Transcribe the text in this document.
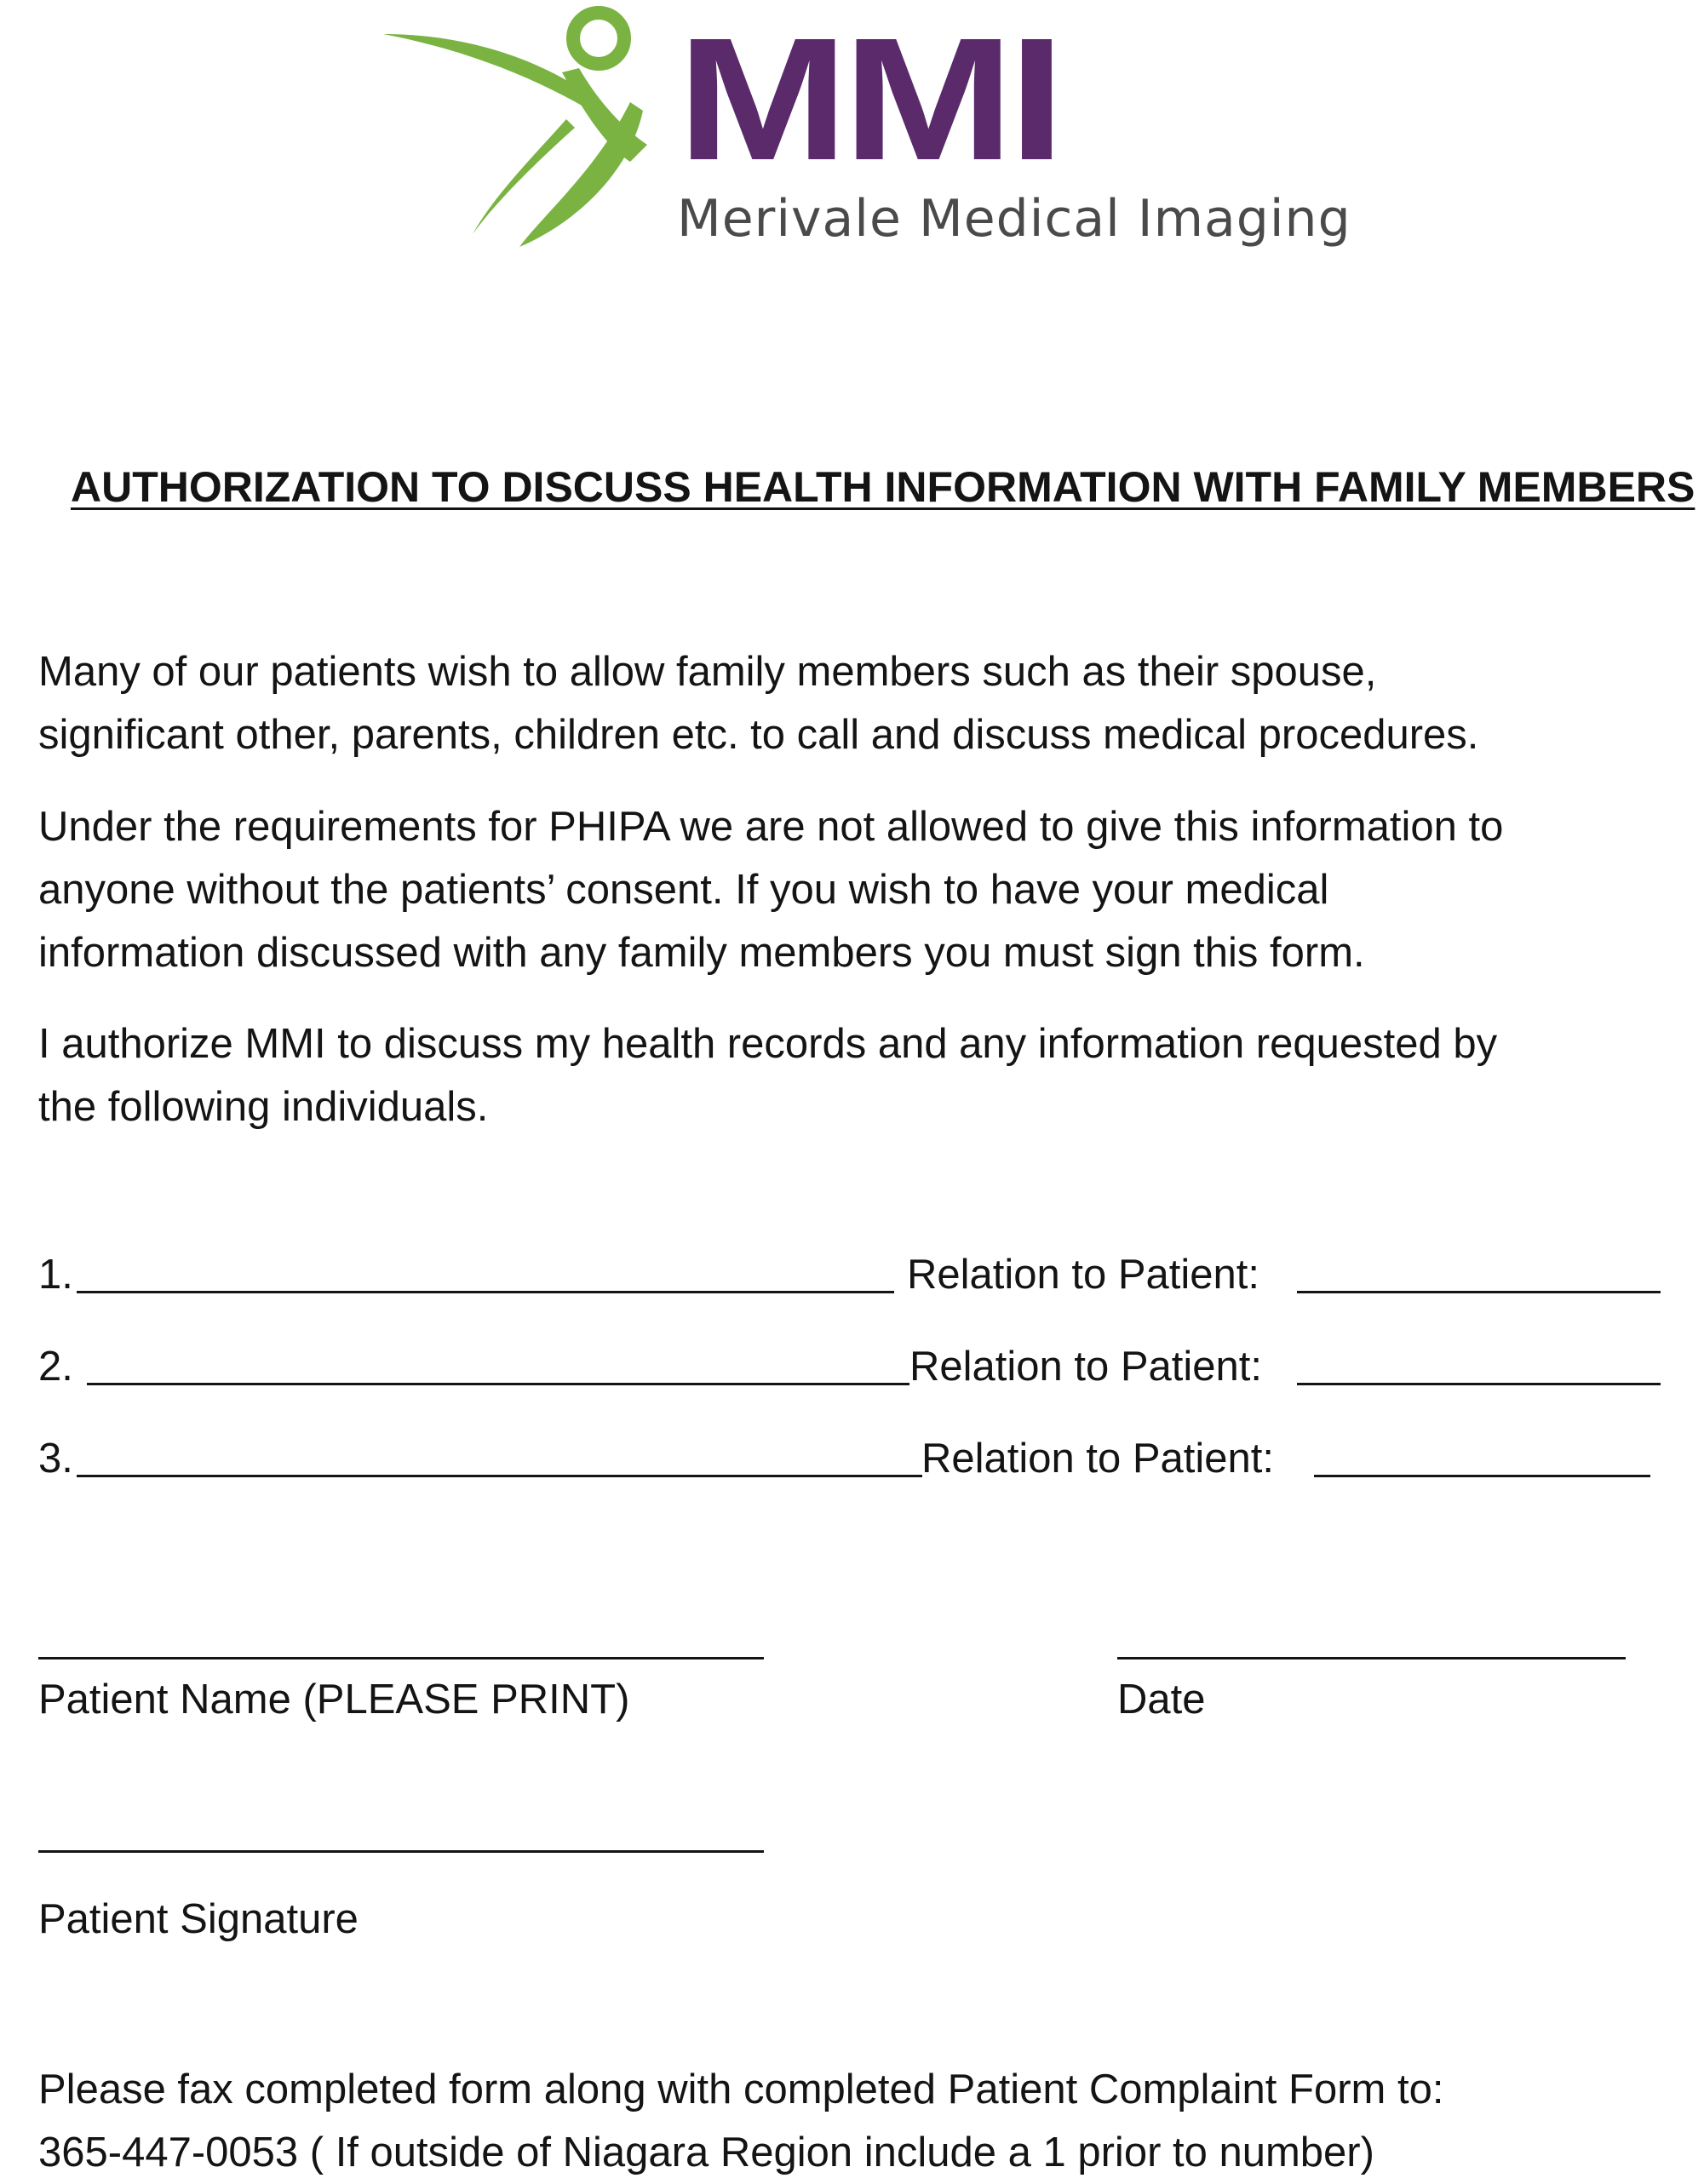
MMI
Merivale Medical Imaging
AUTHORIZATION TO DISCUSS HEALTH INFORMATION WITH FAMILY MEMBERS

Many of our patients wish to allow family members such as their spouse,
significant other, parents, children etc. to call and discuss medical procedures.

Under the requirements for PHIPA we are not allowed to give this information to
anyone without the patients’ consent. If you wish to have your medical
information discussed with any family members you must sign this form.

I authorize MMI to discuss my health records and any information requested by
the following individuals.

1.	Relation to Patient:
2.	Relation to Patient:
3.	Relation to Patient:
Patient Name (PLEASE PRINT)	Date
Patient Signature

Please fax completed form along with completed Patient Complaint Form to:
365-447-0053 ( If outside of Niagara Region include a 1 prior to number)
